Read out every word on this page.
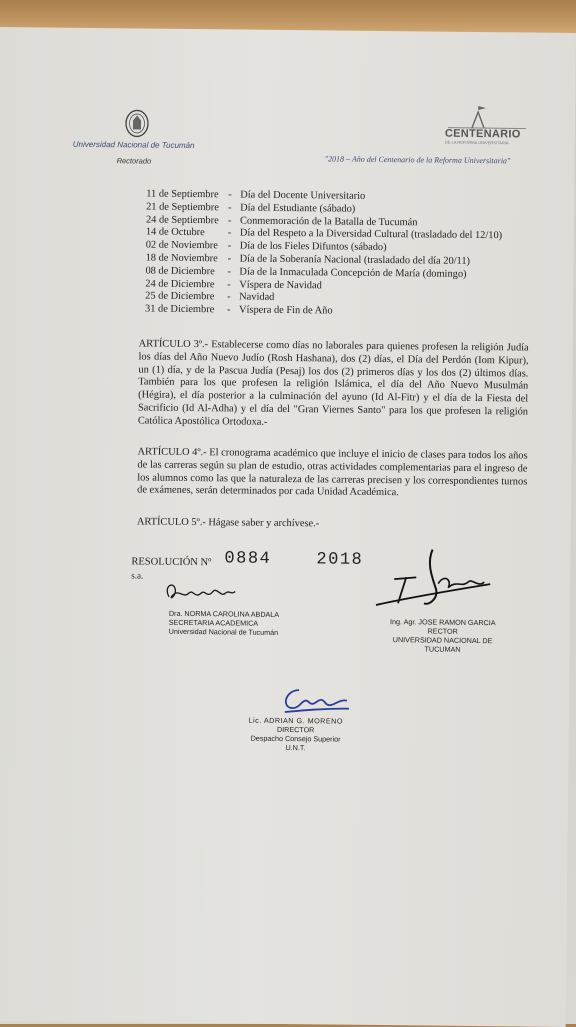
Universidad Nacional de Tucumán
Rectorado
CENTENARIO
DE LA REFORMA UNIVERSITARIA
"2018 – Año del Centenario de la Reforma Universitaria"
11 de Septiembre - Día del Docente Universitario
21 de Septiembre - Día del Estudiante (sábado)
24 de Septiembre - Conmemoración de la Batalla de Tucumán
14 de Octubre	- Día del Respeto a la Diversidad Cultural (trasladado del 12/10)
02 de Noviembre - Día de los Fieles Difuntos (sábado)
18 de Noviembre - Día de la Soberanía Nacional (trasladado del día 20/11)
08 de Diciembre	- Día de la Inmaculada Concepción de María (domingo)
24 de Diciembre	- Víspera de Navidad
25 de Diciembre	- Navidad
31 de Diciembre	- Víspera de Fin de Año
ARTÍCULO 3º.- Establecerse como días no laborales para quienes profesen la religión Judía los días del Año Nuevo Judío (Rosh Hashana), dos (2) días, el Día del Perdón (Iom Kipur), un (1) día, y de la Pascua Judía (Pesaj) los dos (2) primeros días y los dos (2) últimos días. También para los que profesen la religión Islámica, el día del Año Nuevo Musulmán (Hégira), el día posterior a la culminación del ayuno (Id Al-Fitr) y el día de la Fiesta del Sacrificio (Id Al-Adha) y el día del "Gran Viernes Santo" para los que profesen la religión Católica Apostólica Ortodoxa.-
ARTÍCULO 4º.- El cronograma académico que incluye el inicio de clases para todos los años de las carreras según su plan de estudio, otras actividades complementarias para el ingreso de los alumnos como las que la naturaleza de las carreras precisen y los correspondientes turnos de exámenes, serán determinados por cada Unidad Académica.
ARTÍCULO 5º.- Hágase saber y archívese.-
RESOLUCIÓN Nº 0884	2018
s.a.
Dra. NORMA CAROLINA ABDALA
SECRETARIA ACADEMICA
Universidad Nacional de Tucumán
Ing. Agr. JOSE RAMON GARCIA
RECTOR
UNIVERSIDAD NACIONAL DE TUCUMAN
Lic. ADRIAN G. MORENO
DIRECTOR
Despacho Consejo Superior
U.N.T.
